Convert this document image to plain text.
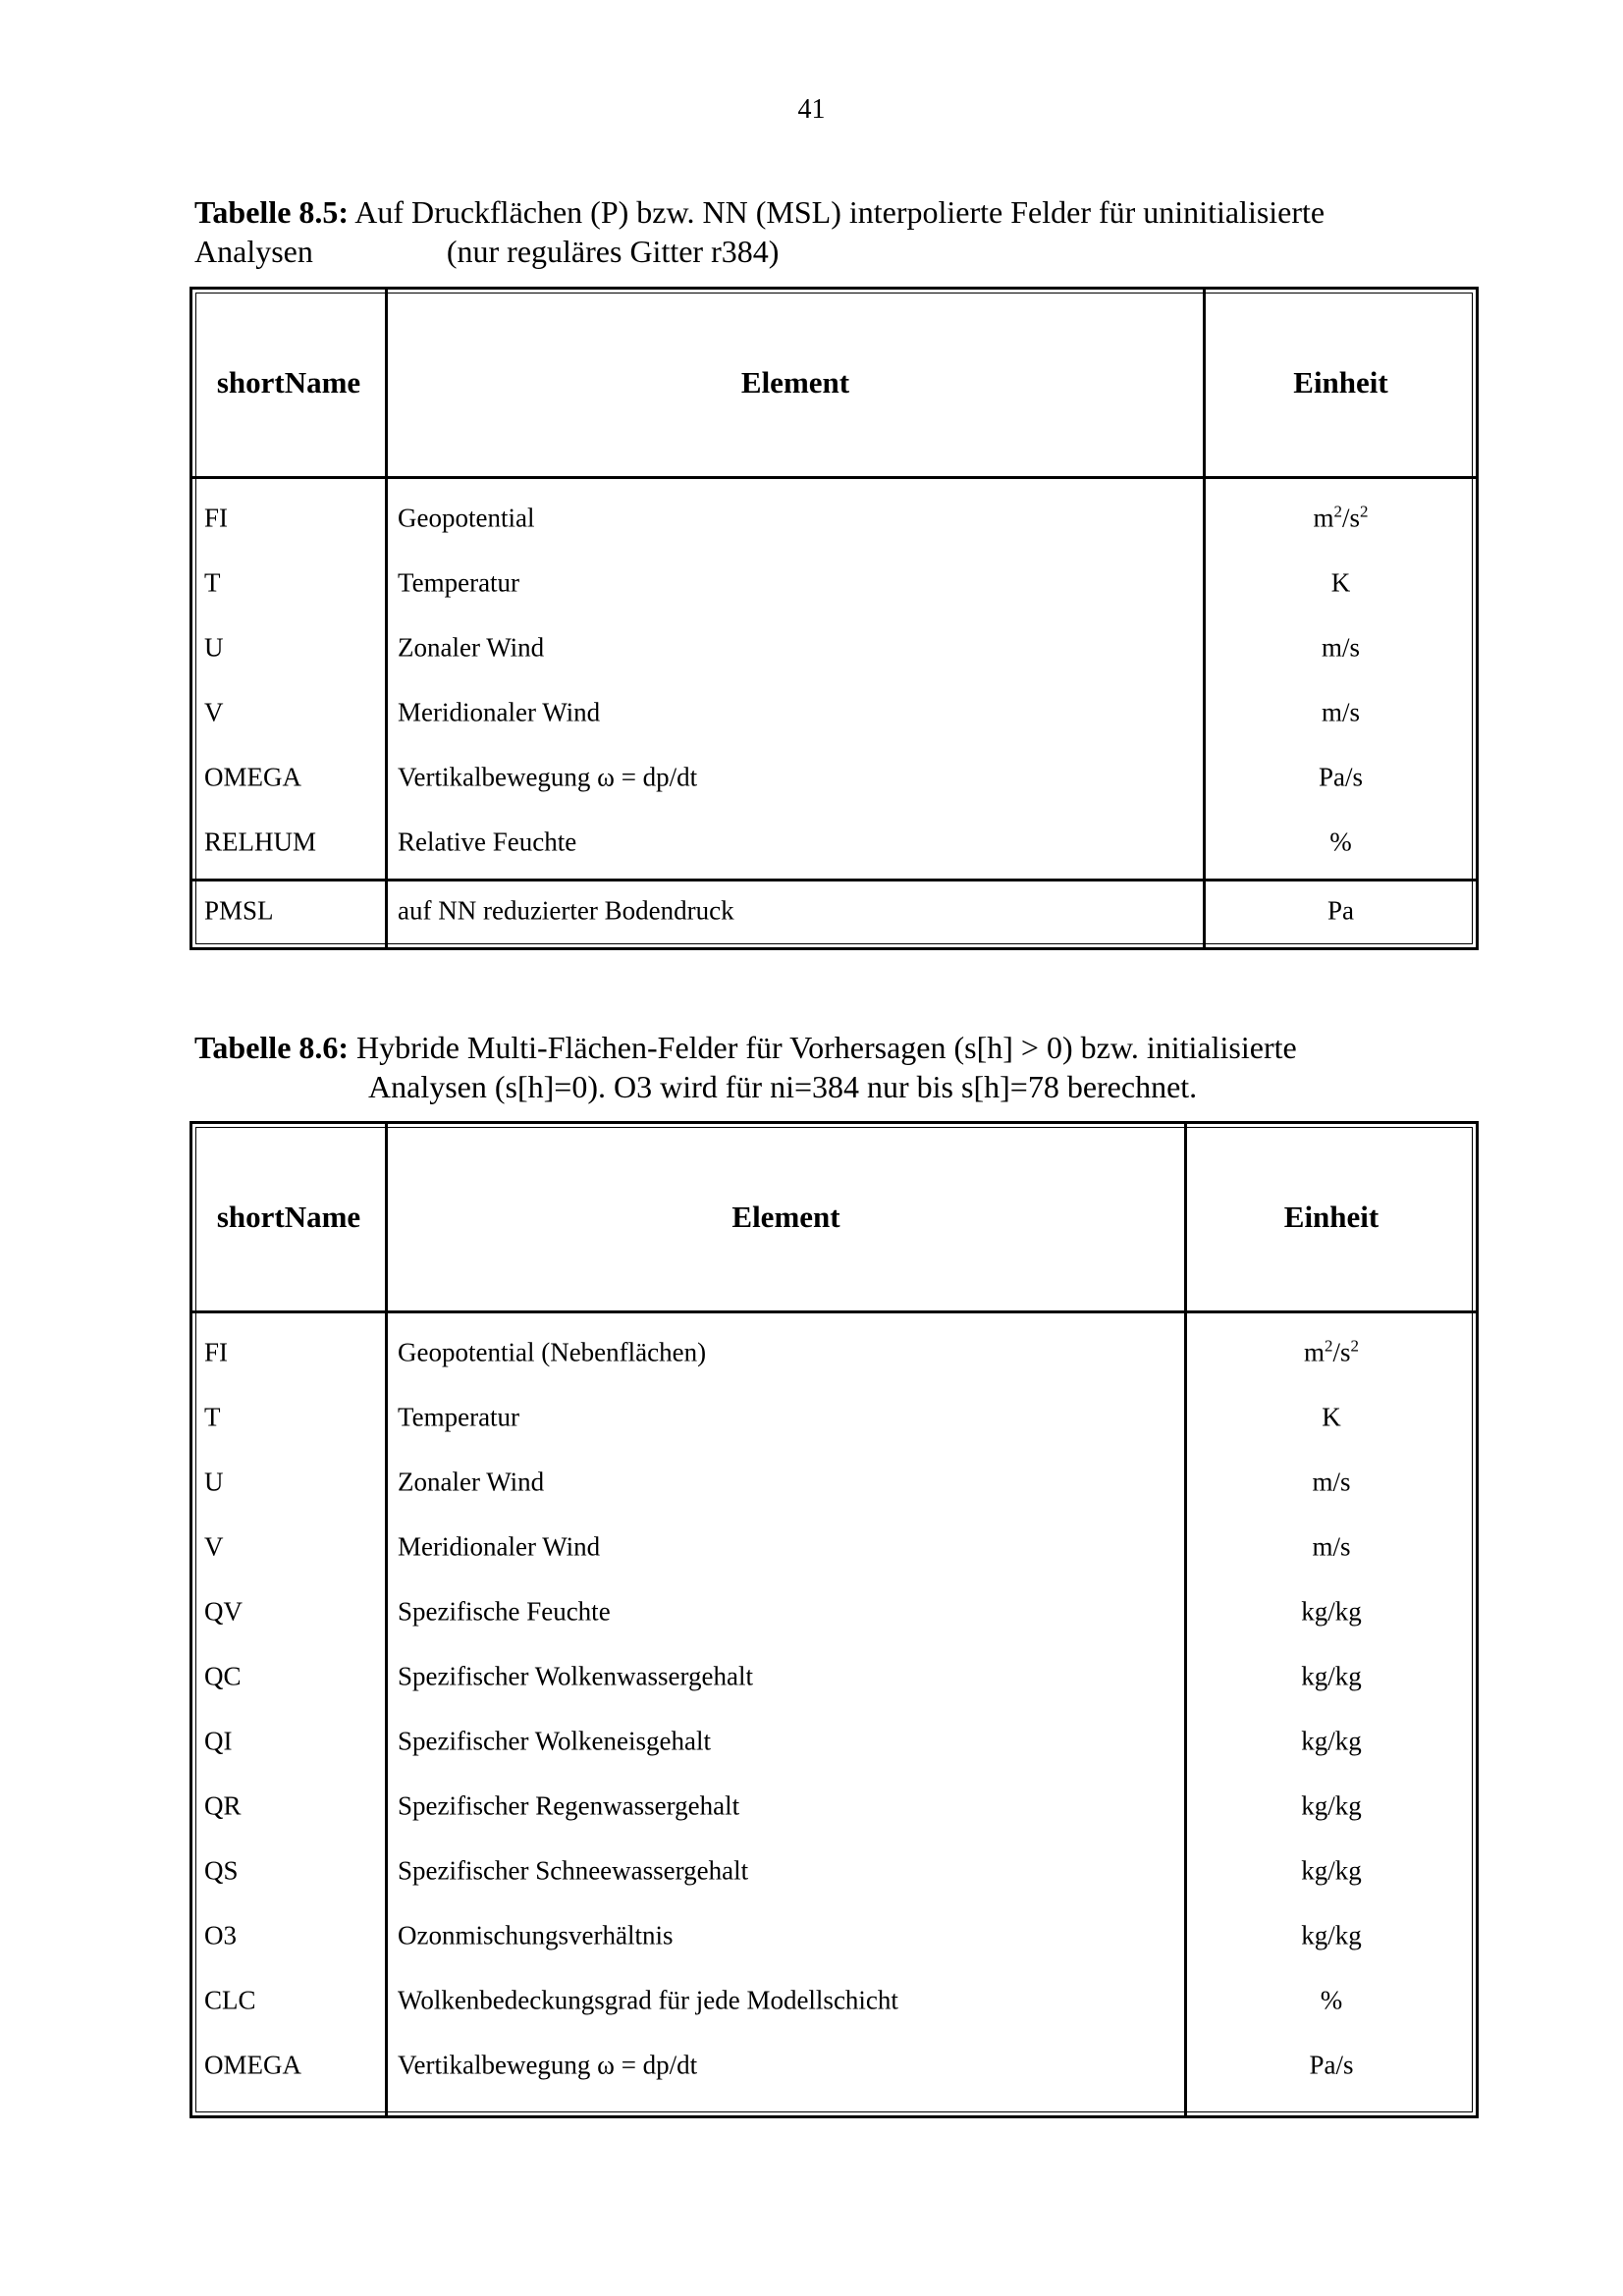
41
Tabelle 8.5: Auf Druckflächen (P) bzw. NN (MSL) interpolierte Felder für uninitialisierte
Analysen	(nur reguläres Gitter r384)
shortName	Element	Einheit
FI	Geopotential	$m^2/s^2$
T	Temperatur	K
U	Zonaler Wind	m/s
V	Meridionaler Wind	m/s
OMEGA	Vertikalbewegung ω = dp/dt	Pa/s
RELHUM	Relative Feuchte	%
PMSL	auf NN reduzierter Bodendruck	Pa
Tabelle 8.6: Hybride Multi-Flächen-Felder für Vorhersagen (s[h] > 0) bzw. initialisierte
Analysen (s[h]=0). O3 wird für ni=384 nur bis s[h]=78 berechnet.
shortName	Element	Einheit
FI	Geopotential (Nebenflächen)	$m^2/s^2$
T	Temperatur	K
U	Zonaler Wind	m/s
V	Meridionaler Wind	m/s
QV	Spezifische Feuchte	kg/kg
QC	Spezifischer Wolkenwassergehalt	kg/kg
QI	Spezifischer Wolkeneisgehalt	kg/kg
QR	Spezifischer Regenwassergehalt	kg/kg
QS	Spezifischer Schneewassergehalt	kg/kg
O3	Ozonmischungsverhältnis	kg/kg
CLC	Wolkenbedeckungsgrad für jede Modellschicht	%
OMEGA	Vertikalbewegung ω = dp/dt	Pa/s
